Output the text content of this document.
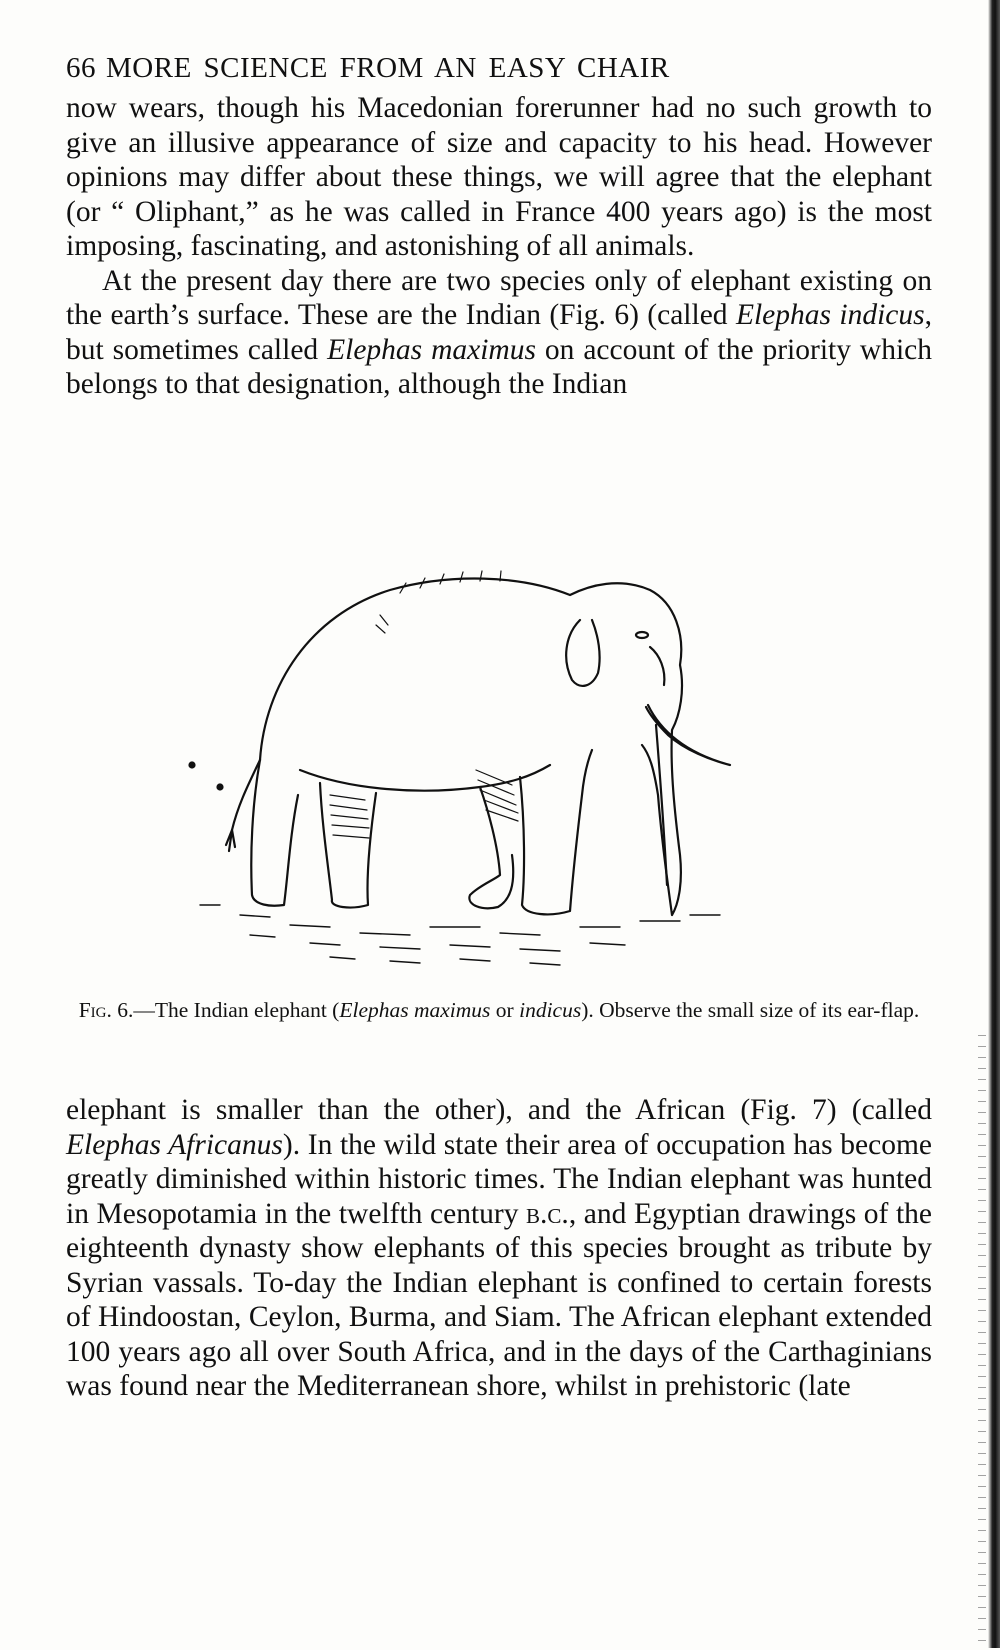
66 MORE SCIENCE FROM AN EASY CHAIR

now wears, though his Macedonian forerunner had no such growth to give an illusive appearance of size and capacity to his head. However opinions may differ about these things, we will agree that the elephant (or “ Oliphant,” as he was called in France 400 years ago) is the most imposing, fascinating, and astonishing of all animals.

At the present day there are two species only of elephant existing on the earth’s surface. These are the Indian (Fig. 6) (called Elephas indicus, but sometimes called Elephas maximus on account of the priority which belongs to that designation, although the Indian

Fig. 6.—The Indian elephant (Elephas maximus or indicus). Observe the small size of its ear-flap.

elephant is smaller than the other), and the African (Fig. 7) (called Elephas Africanus). In the wild state their area of occupation has become greatly diminished within historic times. The Indian elephant was hunted in Mesopotamia in the twelfth century b.c., and Egyptian drawings of the eighteenth dynasty show elephants of this species brought as tribute by Syrian vassals. To-day the Indian elephant is confined to certain forests of Hindoostan, Ceylon, Burma, and Siam. The African elephant extended 100 years ago all over South Africa, and in the days of the Carthaginians was found near the Mediterranean shore, whilst in prehistoric (late
